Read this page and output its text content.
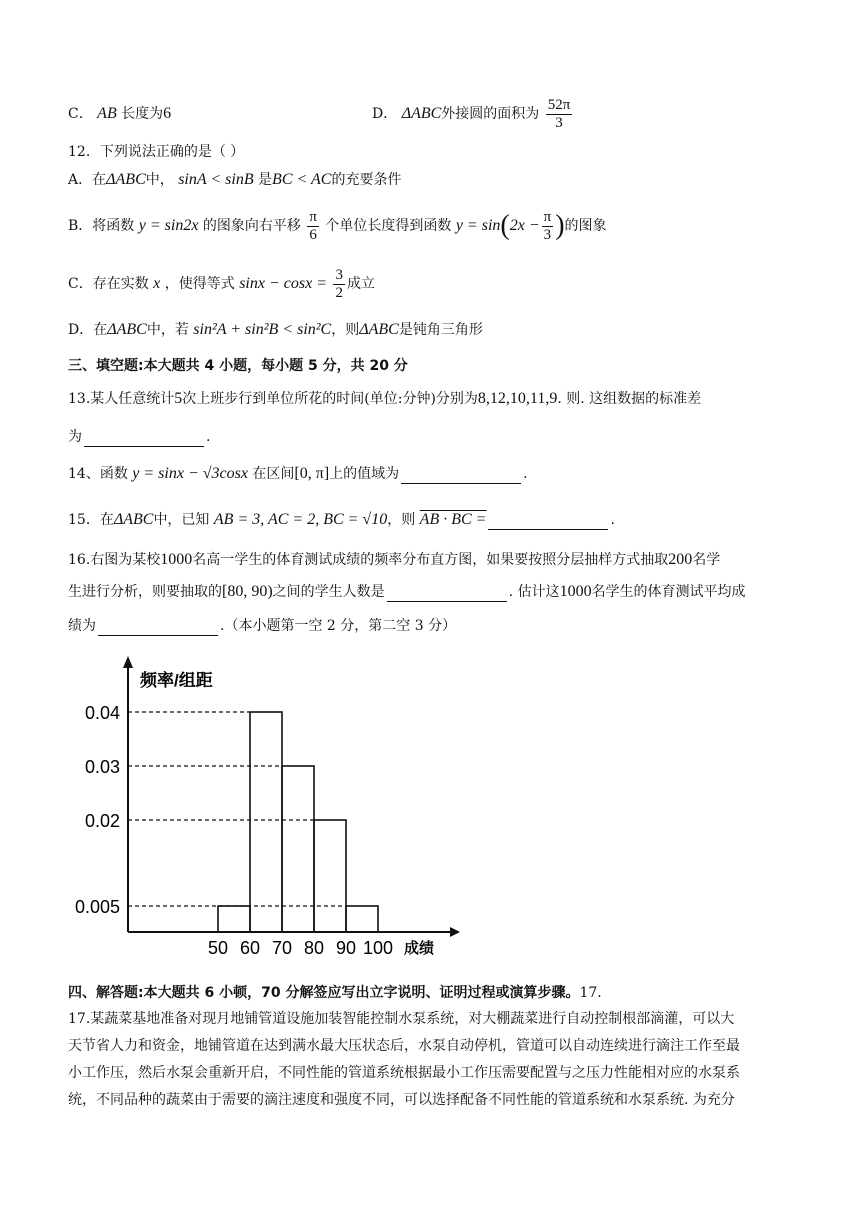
C． AB 长度为6	D． ΔABC外接圆的面积为 $\frac{52\pi}{3}$
12．下列说法正确的是（ ）
A．在ΔABC中， sinA < sinB 是BC < AC的充要条件
B．将函数 y = sin2x 的图象向右平移 $\frac{\pi}{6}$ 个单位长度得到函数 $y = \sin(2x - \frac{\pi}{3}$ )的图象
C．存在实数 x ，使得等式 $\sin x - \cos x = \frac{3}{2}$ 成立
D．在ΔABC中，若 sin²A + sin²B < sin²C，则ΔABC是钝角三角形
三、填空题:本大题共 4 小题，每小题 5 分，共 20 分
13.某人任意统计5次上班步行到单位所花的时间(单位:分钟)分别为8,12,10,11,9. 则. 这组数据的标准差
为	.
14、函数 y = sinx − √3cosx 在区间[0, π]上的值域为	.
15．在ΔABC中，已知 AB = 3, AC = 2, BC = √10，则 AB · BC =	.
16.右图为某校1000名高一学生的体育测试成绩的频率分布直方图，如果要按照分层抽样方式抽取200名学
生进行分析，则要抽取的[80, 90)之间的学生人数是	. 估计这1000名学生的体育测试平均成
绩为	.（本小题第一空 2 分，第二空 3 分）
0.04
0.03
0.02
0.005
50 60 70 80 90 100
频率/组距
成绩
四、解答题:本大题共 6 小顿，70 分解签应写出立字说明、证明过程或演算步骤。17.

17.某蔬菜基地准备对现月地铺管道设施加装智能控制水泵系统，对大棚蔬菜进行自动控制根部滴灌，可以大

天节省人力和资金，地铺管道在达到满水最大压状态后，水泵自动停机，管道可以自动连续进行滴注工作至最

小工作压，然后水泵会重新开启，不同性能的管道系统根据最小工作压需要配置与之压力性能相对应的水泵系

统，不同品种的蔬菜由于需要的滴注速度和强度不同，可以选择配备不同性能的管道系统和水泵系统. 为充分
